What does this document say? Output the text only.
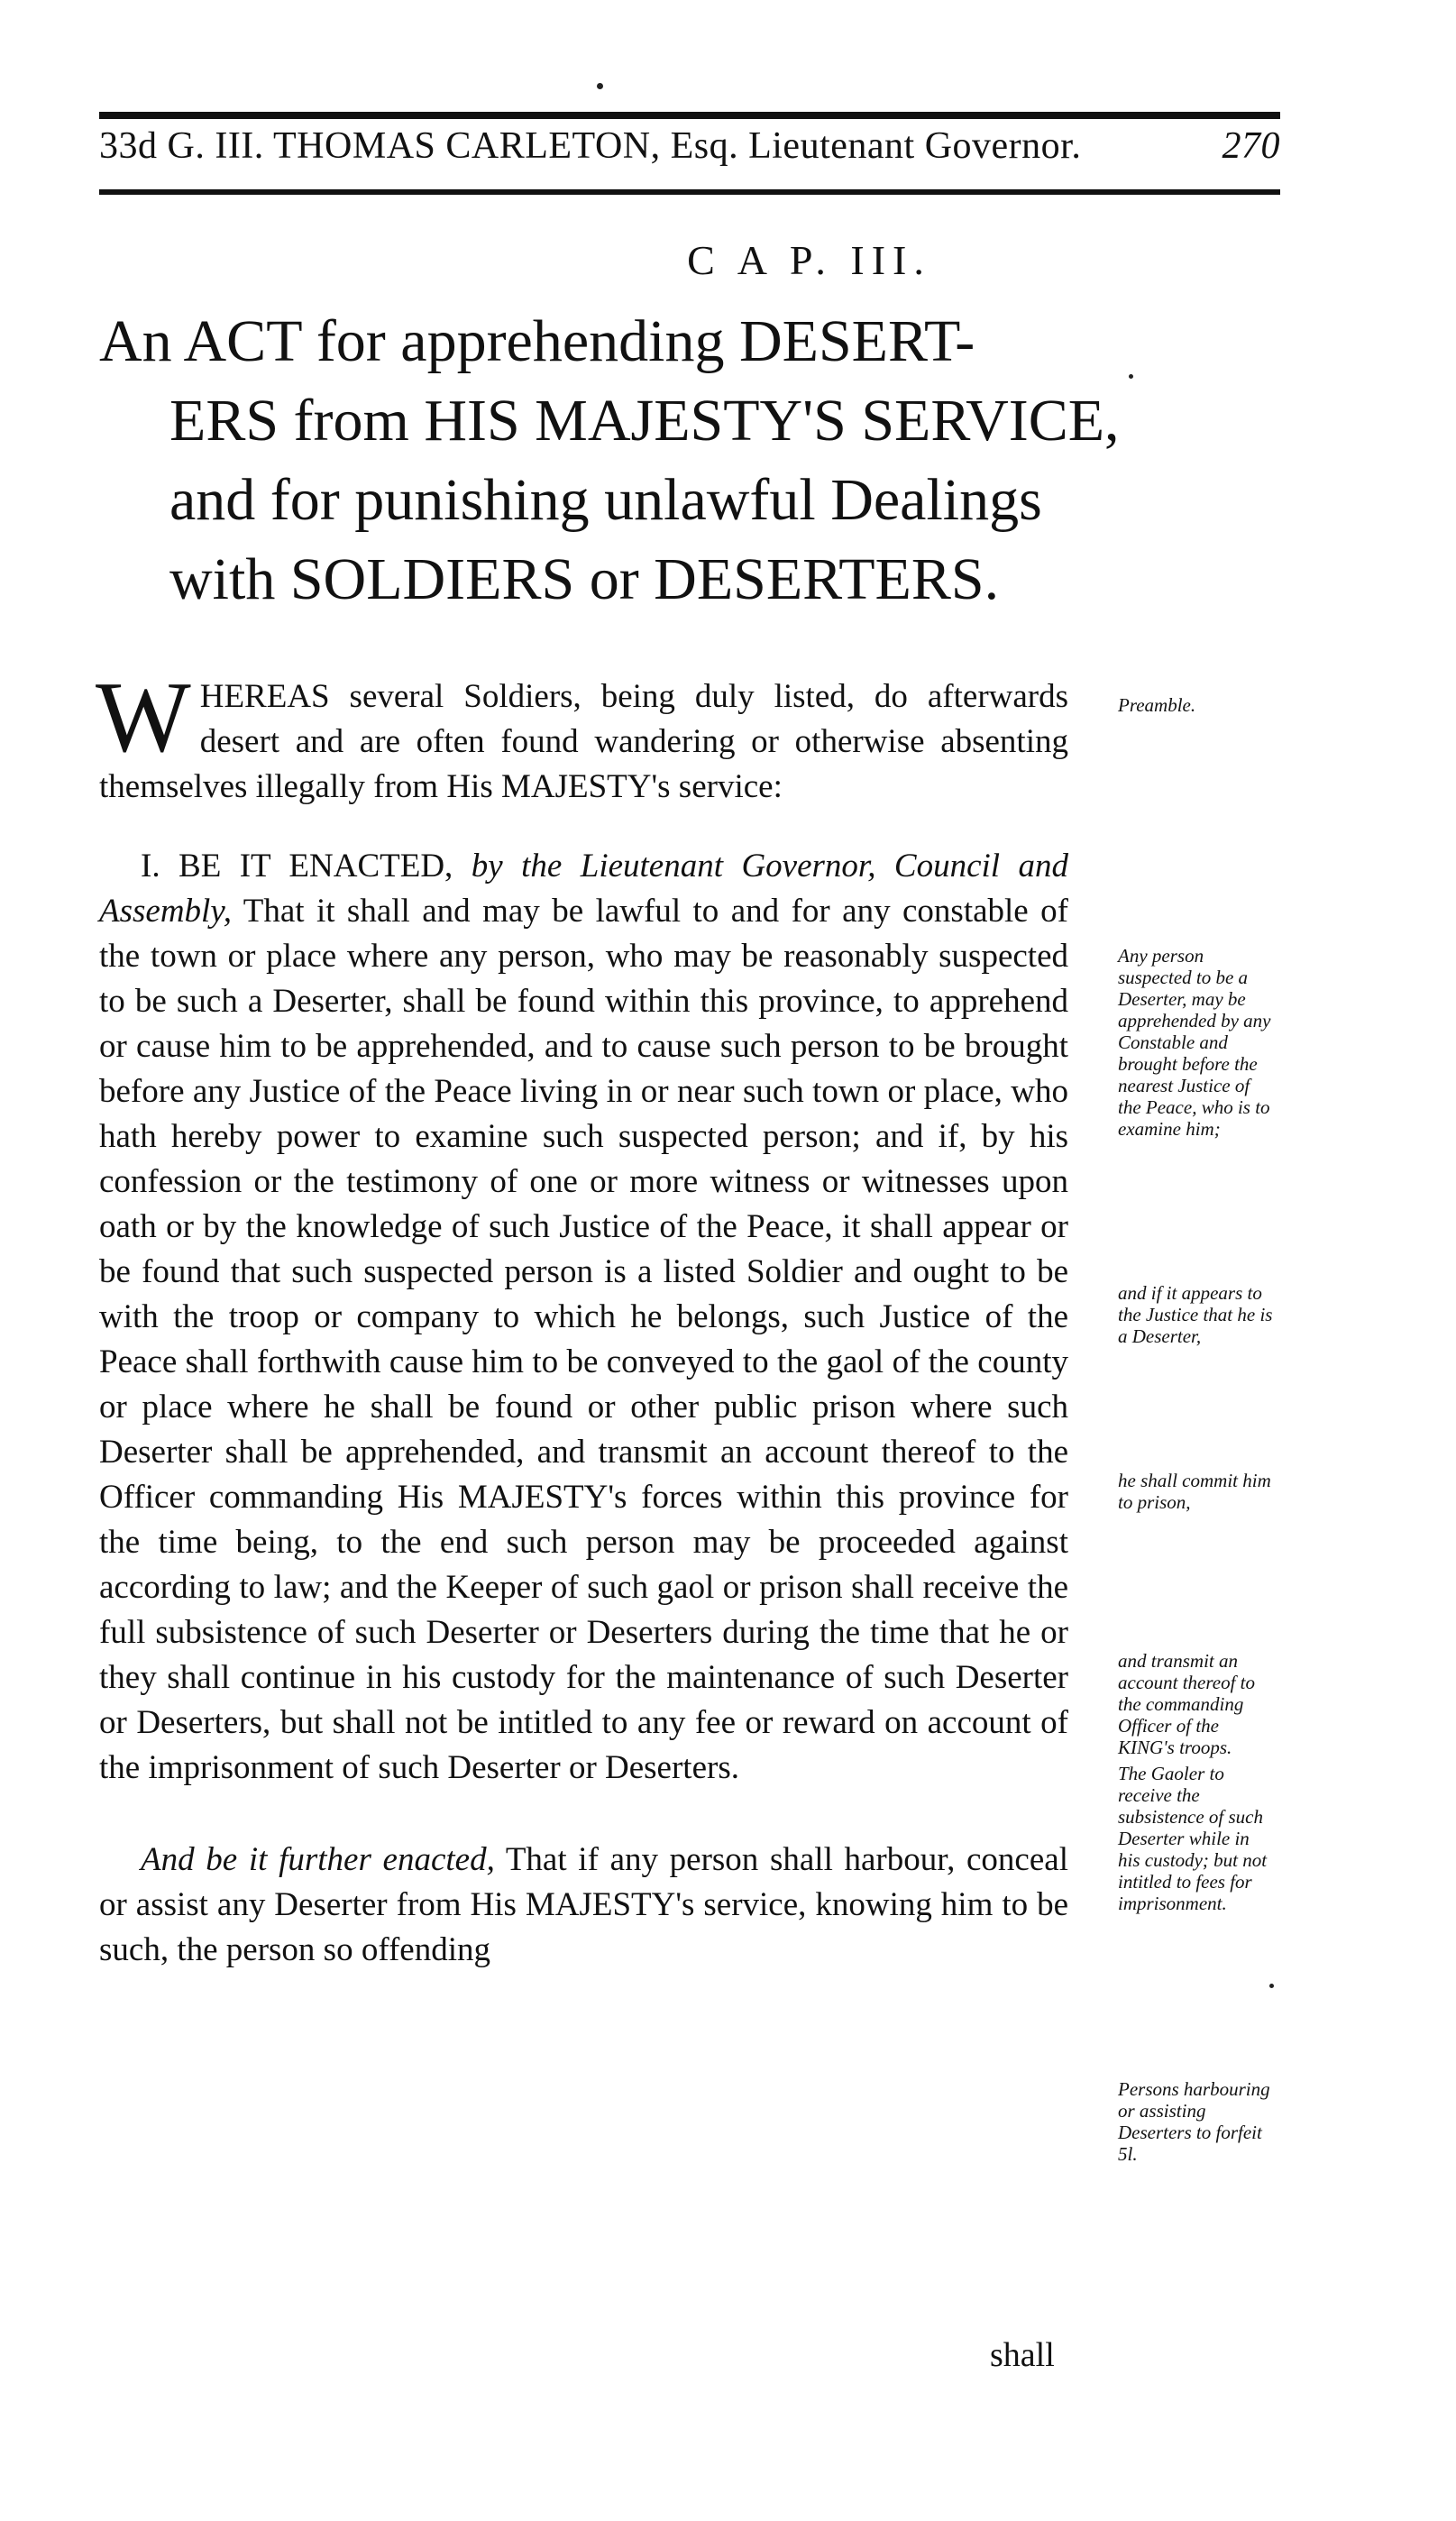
33d G. III. THOMAS CARLETON, Esq. Lieutenant Governor.	270
C A P. III.
An ACT for apprehending DESERT-
ERS from HIS MAJESTY'S SERVICE,
and for punishing unlawful Dealings
with SOLDIERS or DESERTERS.

WHEREAS several Soldiers, being duly listed, do afterwards desert and are often found wandering or otherwise absenting themselves illegally from His MAJESTY's service:

I. BE IT ENACTED, by the Lieutenant Governor, Council and Assembly, That it shall and may be lawful to and for any constable of the town or place where any person, who may be reasonably suspected to be such a Deserter, shall be found within this province, to apprehend or cause him to be apprehended, and to cause such person to be brought before any Justice of the Peace living in or near such town or place, who hath hereby power to examine such suspected person; and if, by his confession or the testimony of one or more witness or witnesses upon oath or by the knowledge of such Justice of the Peace, it shall appear or be found that such suspected person is a listed Soldier and ought to be with the troop or company to which he belongs, such Justice of the Peace shall forthwith cause him to be conveyed to the gaol of the county or place where he shall be found or other public prison where such Deserter shall be apprehended, and transmit an account thereof to the Officer commanding His MAJESTY's forces within this province for the time being, to the end such person may be proceeded against according to law; and the Keeper of such gaol or prison shall receive the full subsistence of such Deserter or Deserters during the time that he or they shall continue in his custody for the maintenance of such Deserter or Deserters, but shall not be intitled to any fee or reward on account of the imprisonment of such Deserter or Deserters.

And be it further enacted, That if any person shall harbour, conceal or assist any Deserter from His MAJESTY's service, knowing him to be such, the person so offending

Preamble.
Any person suspected to be a Deserter, may be apprehended by any Constable and brought before the nearest Justice of the Peace, who is to examine him;
and if it appears to the Justice that he is a Deserter,
he shall commit him to prison,
and transmit an account thereof to the commanding Officer of the KING's troops.
The Gaoler to receive the subsistence of such Deserter while in his custody; but not intitled to fees for imprisonment.
Persons harbouring or assisting Deserters to forfeit 5l.
shall
